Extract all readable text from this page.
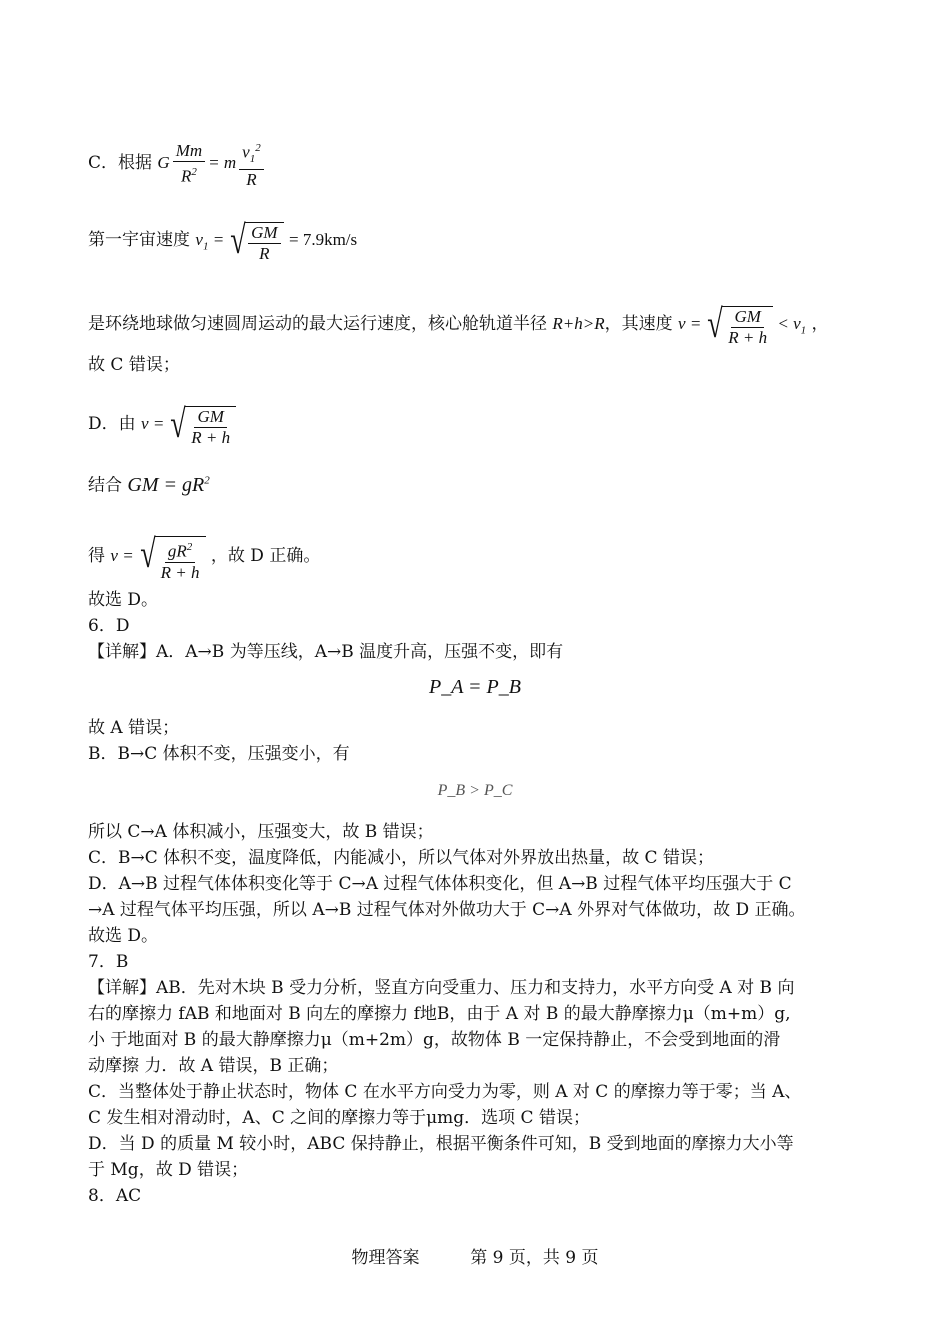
C．根据 G $\frac{Mm}{R^2} = m \frac{v_1^2}{R}$
第一宇宙速度 $v_1$ = √ $\frac{GM}{R} = 7.9km/s$
是环绕地球做匀速圆周运动的最大运行速度，核心舱轨道半径 R+h>R，其速度 v = √ $\frac{GM}{R + h} < v_1$ ，
故 C 错误；
D．由 v = √ $\frac{GM}{R + h}$
结合 GM = $gR^2$
得 v = √ $\frac{gR^2}{R + h}$ ，故 D 正确。
故选 D。
6．D
【详解】A．A→B 为等压线，A→B 温度升高，压强不变，即有
P_A = P_B
故 A 错误；
B．B→C 体积不变，压强变小，有
P_B > P_C
所以 C→A 体积减小，压强变大，故 B 错误；
C．B→C 体积不变，温度降低，内能减小，所以气体对外界放出热量，故 C 错误；
D．A→B 过程气体体积变化等于 C→A 过程气体体积变化，但 A→B 过程气体平均压强大于 C
→A 过程气体平均压强，所以 A→B 过程气体对外做功大于 C→A 外界对气体做功，故 D 正确。
故选 D。
7．B
【详解】AB．先对木块 B 受力分析，竖直方向受重力、压力和支持力，水平方向受 A 对 B 向
右的摩擦力 fAB 和地面对 B 向左的摩擦力 f地B，由于 A 对 B 的最大静摩擦力μ（m+m）g,
小 于地面对 B 的最大静摩擦力μ（m+2m）g，故物体 B 一定保持静止，不会受到地面的滑
动摩擦 力．故 A 错误，B 正确；
C．当整体处于静止状态时，物体 C 在水平方向受力为零，则 A 对 C 的摩擦力等于零；当 A、
C 发生相对滑动时，A、C 之间的摩擦力等于μmg．选项 C 错误；
D．当 D 的质量 M 较小时，ABC 保持静止，根据平衡条件可知，B 受到地面的摩擦力大小等
于 Mg，故 D 错误；
8．AC
物理答案	第 9 页，共 9 页
